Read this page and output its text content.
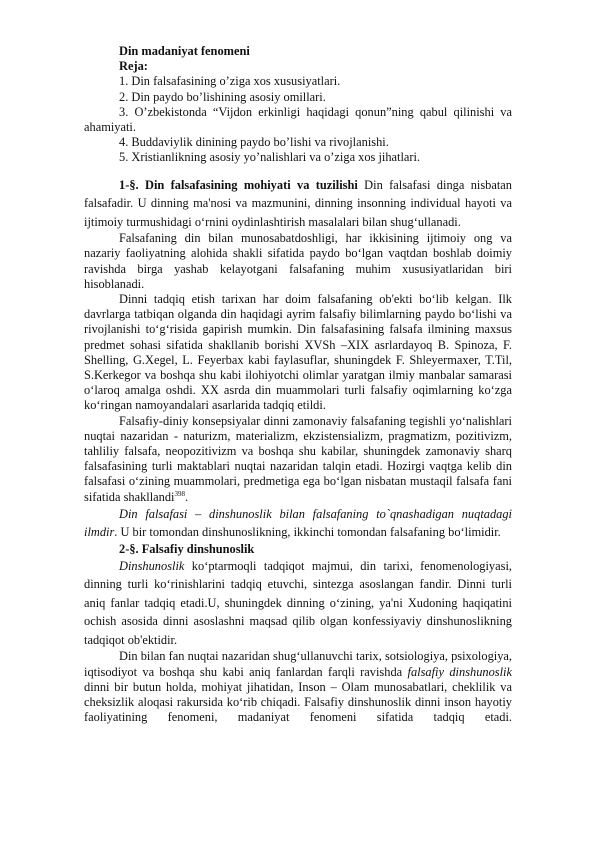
Din madaniyat fenomeni

Reja:

1. Din falsafasining o’ziga xos xususiyatlari.

2. Din paydo bo’lishining asosiy omillari.

3. O’zbekistonda “Vijdon erkinligi haqidagi qonun”ning qabul qilinishi va ahamiyati.

4. Buddaviylik dinining paydo bo’lishi va rivojlanishi.

5. Xristianlikning asosiy yo’nalishlari va o’ziga xos jihatlari.

1-§. Din falsafasining mohiyati va tuzilishi Din falsafasi dinga nisbatan falsafadir. U dinning ma'nosi va mazmunini, dinning insonning individual hayoti va ijtimoiy turmushidagi o‘rnini oydinlashtirish masalalari bilan shug‘ullanadi.

Falsafaning din bilan munosabatdoshligi, har ikkisining ijtimoiy ong va nazariy faoliyatning alohida shakli sifatida paydo bo‘lgan vaqtdan boshlab doimiy ravishda birga yashab kelayotgani falsafaning muhim xususiyatlaridan biri hisoblanadi.

Dinni tadqiq etish tarixan har doim falsafaning ob'ekti bo‘lib kelgan. Ilk davrlarga tatbiqan olganda din haqidagi ayrim falsafiy bilimlarning paydo bo‘lishi va rivojlanishi to‘g‘risida gapirish mumkin. Din falsafasining falsafa ilmining maxsus predmet sohasi sifatida shakllanib borishi XVSh –XIX asrlardayoq B. Spinoza, F. Shelling, G.Xegel, L. Feyerbax kabi faylasuflar, shuningdek F. Shleyermaxer, T.Til, S.Kerkegor va boshqa shu kabi ilohiyotchi olimlar yaratgan ilmiy manbalar samarasi o‘laroq amalga oshdi. XX asrda din muammolari turli falsafiy oqimlarning ko‘zga ko‘ringan namoyandalari asarlarida tadqiq etildi.

Falsafiy-diniy konsepsiyalar dinni zamonaviy falsafaning tegishli yo‘nalishlari nuqtai nazaridan - naturizm, materializm, ekzistensializm, pragmatizm, pozitivizm, tahliliy falsafa, neopozitivizm va boshqa shu kabilar, shuningdek zamonaviy sharq falsafasining turli maktablari nuqtai nazaridan talqin etadi. Hozirgi vaqtga kelib din falsafasi o‘zining muammolari, predmetiga ega bo‘lgan nisbatan mustaqil falsafa fani sifatida shakllandi$^{398}$.

Din falsafasi – dinshunoslik bilan falsafaning to`qnashadigan nuqtadagi ilmdir. U bir tomondan dinshunoslikning, ikkinchi tomondan falsafaning bo‘limidir.

2-§. Falsafiy dinshunoslik

Dinshunoslik ko‘ptarmoqli tadqiqot majmui, din tarixi, fenomenologiyasi, dinning turli ko‘rinishlarini tadqiq etuvchi, sintezga asoslangan fandir. Dinni turli aniq fanlar tadqiq etadi.U, shuningdek dinning o‘zining, ya'ni Xudoning haqiqatini ochish asosida dinni asoslashni maqsad qilib olgan konfessiyaviy dinshunoslikning tadqiqot ob'ektidir.

Din bilan fan nuqtai nazaridan shug‘ullanuvchi tarix, sotsiologiya, psixologiya, iqtisodiyot va boshqa shu kabi aniq fanlardan farqli ravishda falsafiy dinshunoslik dinni bir butun holda, mohiyat jihatidan, Inson – Olam munosabatlari, cheklilik va cheksizlik aloqasi rakursida ko‘rib chiqadi. Falsafiy dinshunoslik dinni inson hayotiy faoliyatining fenomeni, madaniyat fenomeni sifatida tadqiq etadi.
